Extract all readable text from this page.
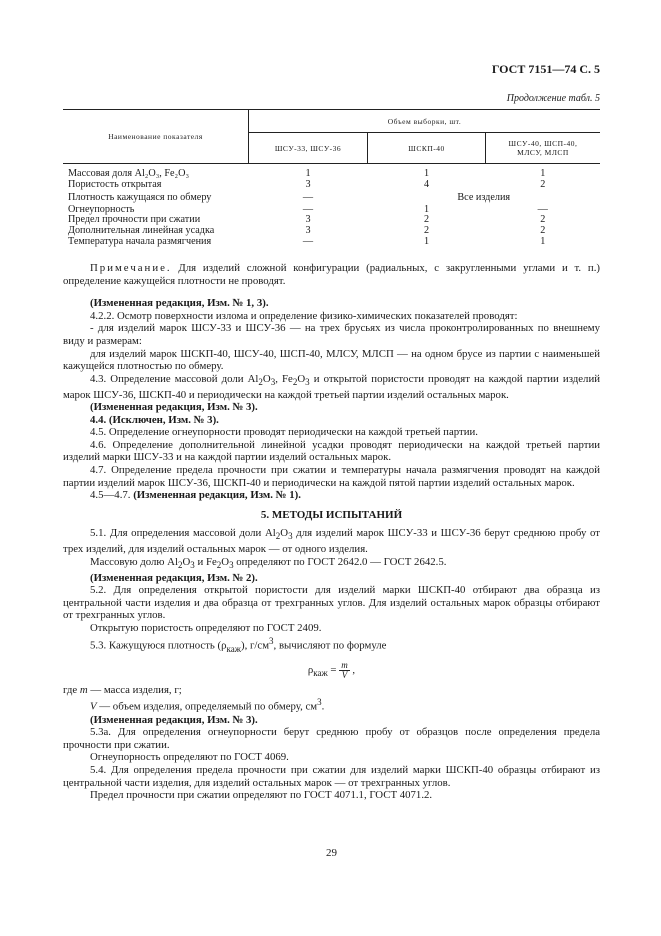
ГОСТ 7151—74 С. 5
Продолжение табл. 5
Наименование показателя	Объем выборки, шт.		
	ШСУ-33, ШСУ-36	ШСКП-40	ШСУ-40, ШСП-40,
МЛСУ, МЛСП
Массовая доля Al₂O₃, Fe₂O₃	1	1	1
Пористость открытая	3	4	2
Плотность кажущаяся по обмеру	—	Все изделия	
Огнеупорность	—	1	—
Предел прочности при сжатии	3	2	2
Дополнительная линейная усадка	3	2	2
Температура начала размягчения	—	1	1

Примечание. Для изделий сложной конфигурации (радиальных, с закругленными углами и т. п.) определение кажущейся плотности не проводят.

(Измененная редакция, Изм. № 1, 3).

4.2.2. Осмотр поверхности излома и определение физико-химических показателей проводят:

- для изделий марок ШСУ-33 и ШСУ-36 — на трех брусьях из числа проконтролированных по внешнему виду и размерам:

для изделий марок ШСКП-40, ШСУ-40, ШСП-40, МЛСУ, МЛСП — на одном брусе из партии с наименьшей кажущейся плотностью по обмеру.

4.3. Определение массовой доли $Al_2O_3$, $Fe_2O_3$ и открытой пористости проводят на каждой партии изделий марок ШСУ-36, ШСКП-40 и периодически на каждой третьей партии изделий остальных марок.

(Измененная редакция, Изм. № 3).

4.4. (Исключен, Изм. № 3).

4.5. Определение огнеупорности проводят периодически на каждой третьей партии.

4.6. Определение дополнительной линейной усадки проводят периодически на каждой третьей партии изделий марки ШСУ-33 и на каждой партии изделий остальных марок.

4.7. Определение предела прочности при сжатии и температуры начала размягчения проводят на каждой партии изделий марок ШСУ-36, ШСКП-40 и периодически на каждой пятой партии изделий остальных марок.

4.5—4.7. (Измененная редакция, Изм. № 1).

5. МЕТОДЫ ИСПЫТАНИЙ

5.1. Для определения массовой доли $Al_2O_3$ для изделий марок ШСУ-33 и ШСУ-36 берут среднюю пробу от трех изделий, для изделий остальных марок — от одного изделия.

Массовую долю $Al_2O_3$ и $Fe_2O_3$ определяют по ГОСТ 2642.0 — ГОСТ 2642.5.

(Измененная редакция, Изм. № 2).

5.2. Для определения открытой пористости для изделий марки ШСКП-40 отбирают два образца из центральной части изделия и два образца от трехгранных углов. Для изделий остальных марок образцы отбирают от трехгранных углов.

Открытую пористость определяют по ГОСТ 2409.

5.3. Кажущуюся плотность $(\rho_{каж})$, $г/см^3$, вычисляют по формуле

$\rho_{каж} = \frac{m}{V}$ ,

где m — масса изделия, г;

V — объем изделия, определяемый по обмеру, $см^3$.

(Измененная редакция, Изм. № 3).

5.3а. Для определения огнеупорности берут среднюю пробу от образцов после определения предела прочности при сжатии.

Огнеупорность определяют по ГОСТ 4069.

5.4. Для определения предела прочности при сжатии для изделий марки ШСКП-40 образцы отбирают из центральной части изделия, для изделий остальных марок — от трехгранных углов.

Предел прочности при сжатии определяют по ГОСТ 4071.1, ГОСТ 4071.2.

29
